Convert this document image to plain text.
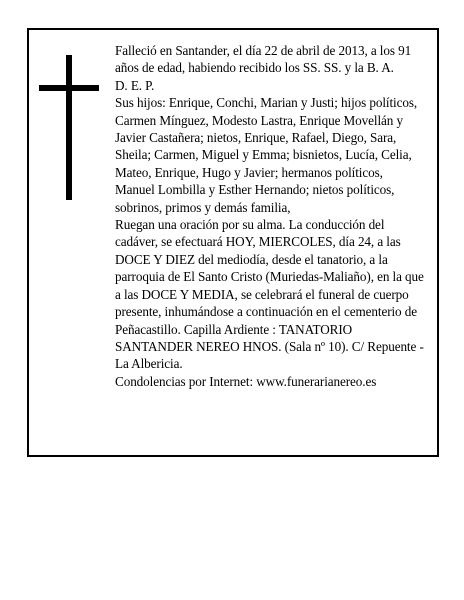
Falleció en Santander, el día 22 de abril de 2013, a los 91 años de edad, habiendo recibido los SS. SS. y la B. A.

D. E. P.

Sus hijos: Enrique, Conchi, Marian y Justi; hijos políticos, Carmen Mínguez, Modesto Lastra, Enrique Movellán y Javier Castañera; nietos, Enrique, Rafael, Diego, Sara, Sheila; Carmen, Miguel y Emma; bisnietos, Lucía, Celia, Mateo, Enrique, Hugo y Javier; hermanos políticos, Manuel Lombilla y Esther Hernando; nietos políticos, sobrinos, primos y demás familia,

Ruegan una oración por su alma. La conducción del cadáver, se efectuará HOY, MIERCOLES, día 24, a las DOCE Y DIEZ del mediodía, desde el tanatorio, a la parroquia de El Santo Cristo (Muriedas-Maliaño), en la que a las DOCE Y MEDIA, se celebrará el funeral de cuerpo presente, inhumándose a continuación en el cementerio de Peñacastillo. Capilla Ardiente : TANATORIO SANTANDER NEREO HNOS. (Sala nº 10). C/ Repuente - La Albericia.

Condolencias por Internet: www.funerarianereo.es
